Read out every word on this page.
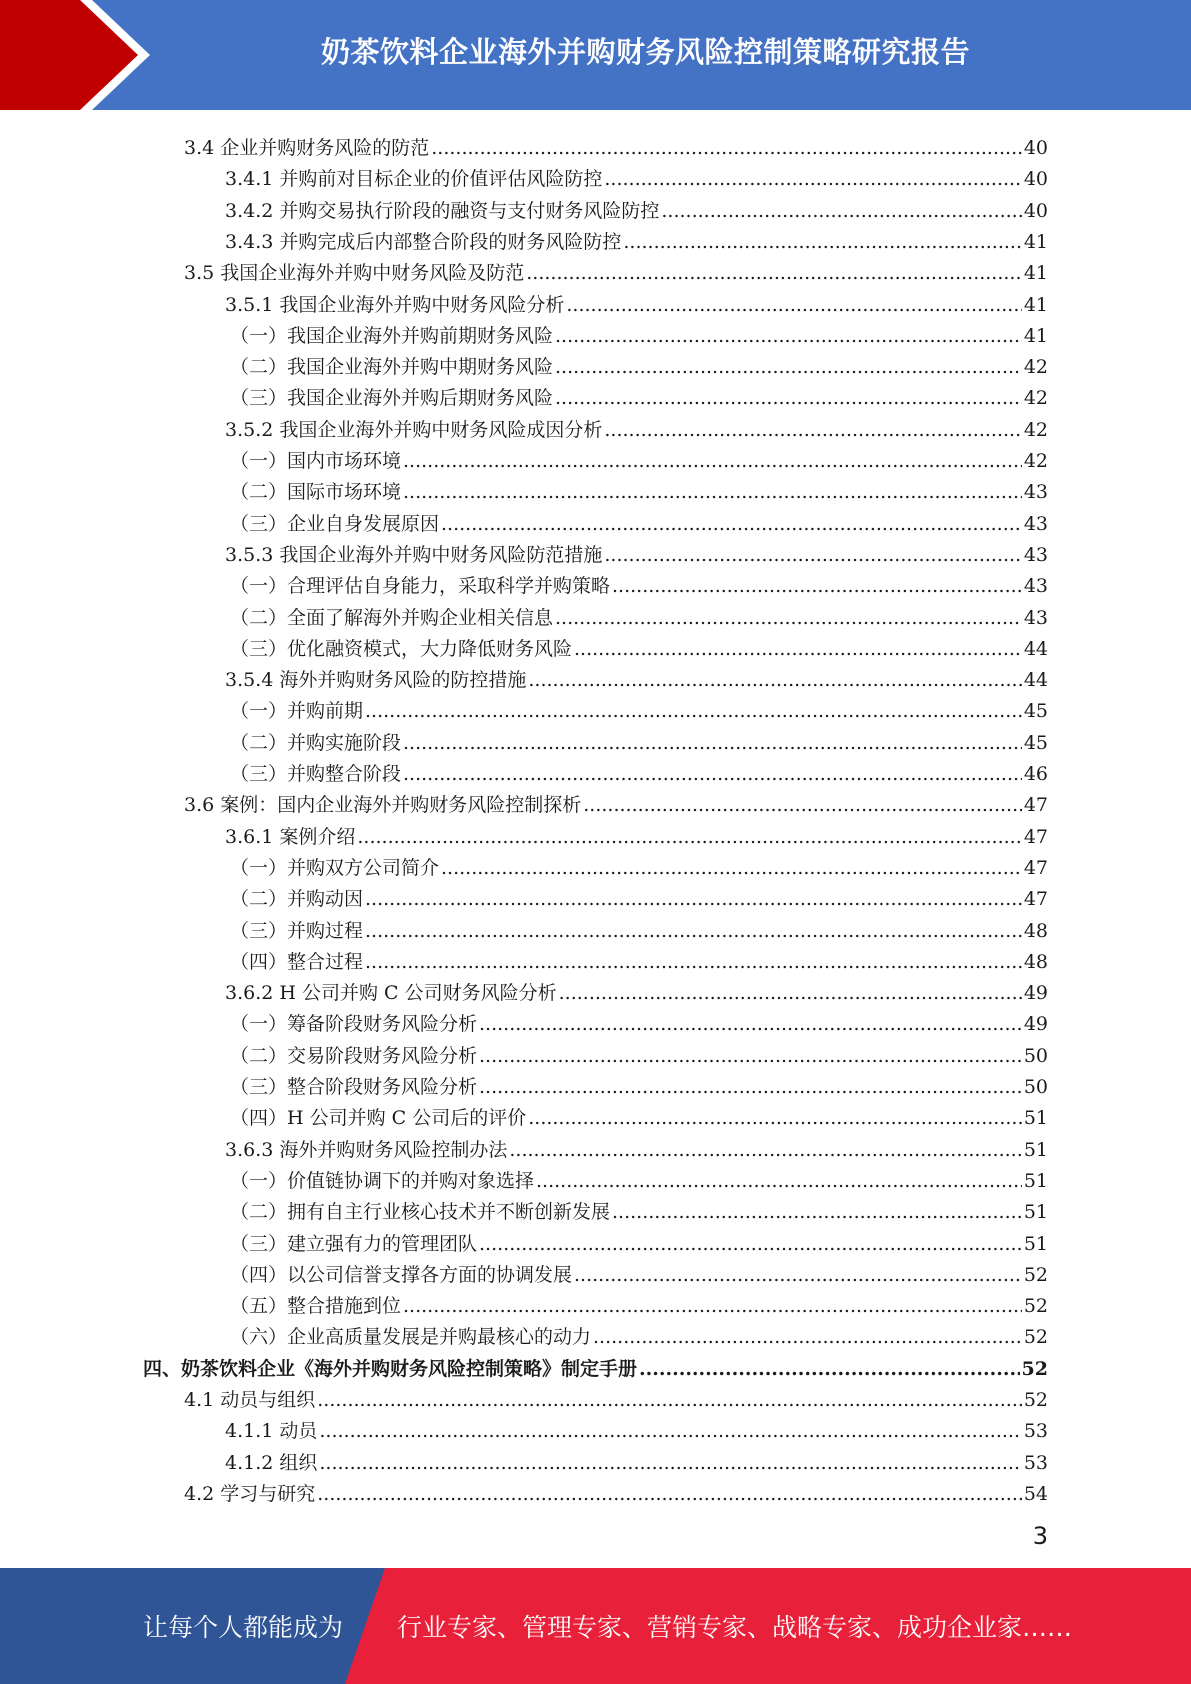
奶茶饮料企业海外并购财务风险控制策略研究报告
3.4 企业并购财务风险的防范 .....	40
3.4.1 并购前对目标企业的价值评估风险防控 .....	40
3.4.2 并购交易执行阶段的融资与支付财务风险防控 .....	40
3.4.3 并购完成后内部整合阶段的财务风险防控 .....	41
3.5 我国企业海外并购中财务风险及防范 .....	41
3.5.1 我国企业海外并购中财务风险分析 .....	41
（一）我国企业海外并购前期财务风险 .....	41
（二）我国企业海外并购中期财务风险 .....	42
（三）我国企业海外并购后期财务风险 .....	42
3.5.2 我国企业海外并购中财务风险成因分析 .....	42
（一）国内市场环境 .....	42
（二）国际市场环境 .....	43
（三）企业自身发展原因 .....	43
3.5.3 我国企业海外并购中财务风险防范措施 .....	43
（一）合理评估自身能力，采取科学并购策略 .....	43
（二）全面了解海外并购企业相关信息 .....	43
（三）优化融资模式，大力降低财务风险 .....	44
3.5.4 海外并购财务风险的防控措施 .....	44
（一）并购前期 .....	45
（二）并购实施阶段 .....	45
（三）并购整合阶段 .....	46
3.6 案例：国内企业海外并购财务风险控制探析 .....	47
3.6.1 案例介绍 .....	47
（一）并购双方公司简介 .....	47
（二）并购动因 .....	47
（三）并购过程 .....	48
（四）整合过程 .....	48
3.6.2 H 公司并购 C 公司财务风险分析 .....	49
（一）筹备阶段财务风险分析 .....	49
（二）交易阶段财务风险分析 .....	50
（三）整合阶段财务风险分析 .....	50
（四）H 公司并购 C 公司后的评价 .....	51
3.6.3 海外并购财务风险控制办法 .....	51
（一）价值链协调下的并购对象选择 .....	51
（二）拥有自主行业核心技术并不断创新发展 .....	51
（三）建立强有力的管理团队 .....	51
（四）以公司信誉支撑各方面的协调发展 .....	52
（五）整合措施到位 .....	52
（六）企业高质量发展是并购最核心的动力 .....	52
四、奶茶饮料企业《海外并购财务风险控制策略》制定手册 .....	52
4.1 动员与组织 .....	52
4.1.1 动员 .....	53
4.1.2 组织 .....	53
4.2 学习与研究 .....	54
3
让每个人都能成为 行业专家、管理专家、营销专家、战略专家、成功企业家……
